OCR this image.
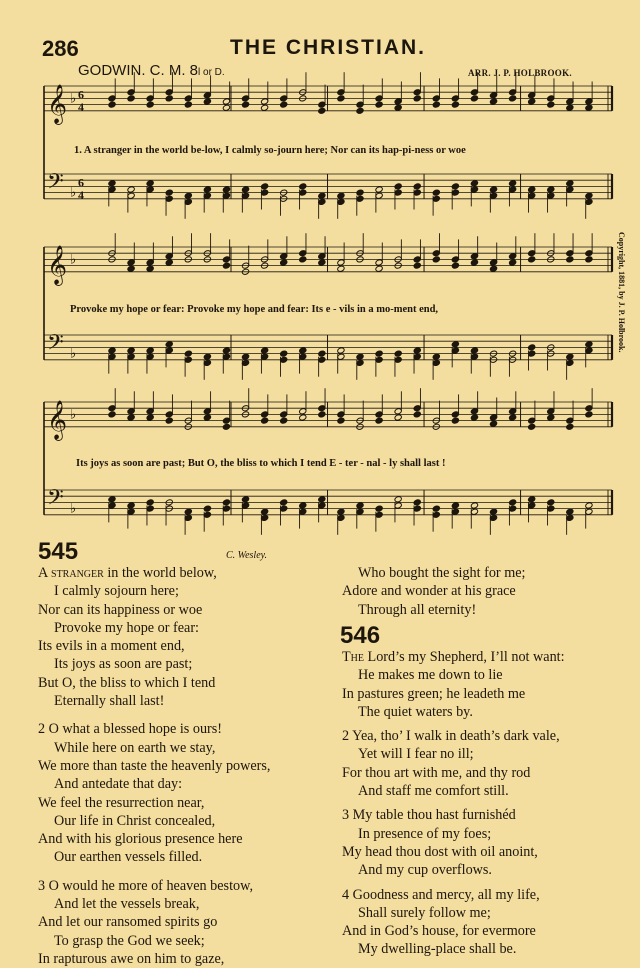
286	THE CHRISTIAN.
GODWIN. C. M. 8l or D.	ARR. J. P. HOLBROOK.
𝄞 ♭ 6
4
𝄢 ♭
6
4
𝄞 ♭
𝄢 ♭
𝄞 ♭
𝄢 ♭
1. A stranger in the world be-low, I calmly so-journ here; Nor can its hap-pi-ness or woe
Provoke my hope or fear: Provoke my hope and fear: Its e - vils in a mo-ment end,
Its joys as soon are past; But O, the bliss to which I tend E - ter - nal - ly shall last !
Copyright, 1881, by J. P. Holbrook.
545	C. Wesley.
A stranger in the world below,
I calmly sojourn here;
Nor can its happiness or woe
Provoke my hope or fear:
Its evils in a moment end,
Its joys as soon are past;
But O, the bliss to which I tend
Eternally shall last!
2 O what a blessed hope is ours!
While here on earth we stay,
We more than taste the heavenly powers,
And antedate that day:
We feel the resurrection near,
Our life in Christ concealed,
And with his glorious presence here
Our earthen vessels filled.
3 O would he more of heaven bestow,
And let the vessels break,
And let our ransomed spirits go
To grasp the God we seek;
In rapturous awe on him to gaze,
Who bought the sight for me;
Adore and wonder at his grace
Through all eternity!
546
The Lord’s my Shepherd, I’ll not want:
He makes me down to lie
In pastures green; he leadeth me
The quiet waters by.
2 Yea, tho’ I walk in death’s dark vale,
Yet will I fear no ill;
For thou art with me, and thy rod
And staff me comfort still.
3 My table thou hast furnishéd
In presence of my foes;
My head thou dost with oil anoint,
And my cup overflows.
4 Goodness and mercy, all my life,
Shall surely follow me;
And in God’s house, for evermore
My dwelling-place shall be.
